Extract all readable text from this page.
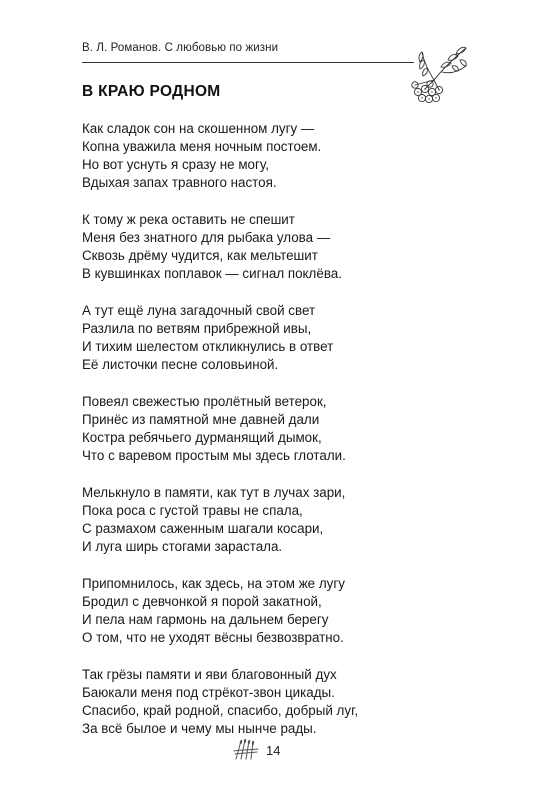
В. Л. Романов. С любовью по жизни
В КРАЮ РОДНОМ
Как сладок сон на скошенном лугу —
Копна уважила меня ночным постоем.
Но вот уснуть я сразу не могу,
Вдыхая запах травного настоя.
К тому ж река оставить не спешит
Меня без знатного для рыбака улова —
Сквозь дрёму чудится, как мельтешит
В кувшинках поплавок — сигнал поклёва.
А тут ещё луна загадочный свой свет
Разлила по ветвям прибрежной ивы,
И тихим шелестом откликнулись в ответ
Её листочки песне соловьиной.
Повеял свежестью пролётный ветерок,
Принёс из памятной мне давней дали
Костра ребячьего дурманящий дымок,
Что с варевом простым мы здесь глотали.
Мелькнуло в памяти, как тут в лучах зари,
Пока роса с густой травы не спала,
С размахом саженным шагали косари,
И луга ширь стогами зарастала.
Припомнилось, как здесь, на этом же лугу
Бродил с девчонкой я порой закатной,
И пела нам гармонь на дальнем берегу
О том, что не уходят вёсны безвозвратно.
Так грёзы памяти и яви благовонный дух
Баюкали меня под стрёкот-звон цикады.
Спасибо, край родной, спасибо, добрый луг,
За всё былое и чему мы нынче рады.
14
